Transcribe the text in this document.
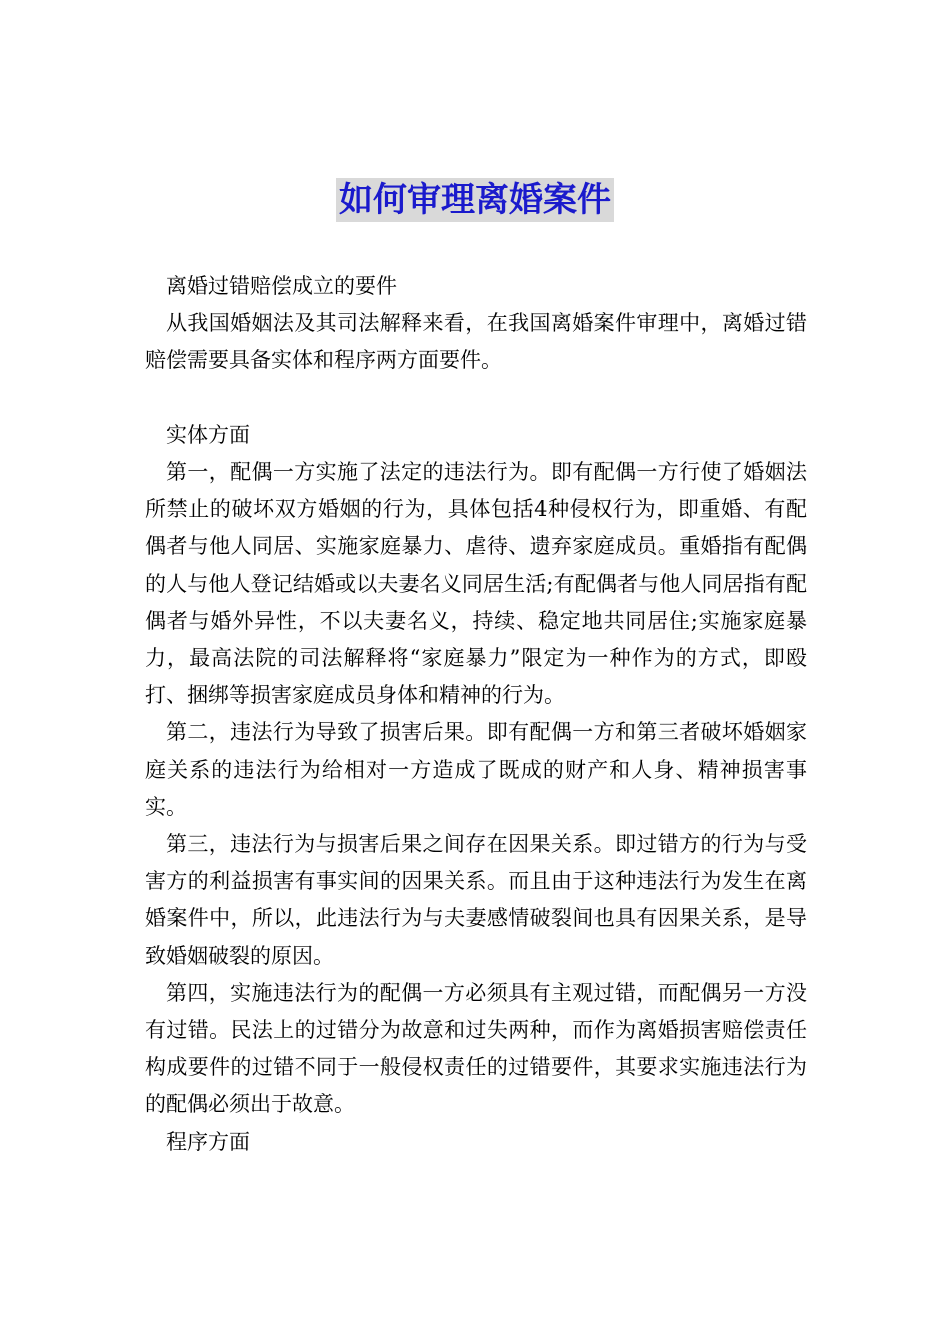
如何审理离婚案件

离婚过错赔偿成立的要件

从我国婚姻法及其司法解释来看，在我国离婚案件审理中，离婚过错赔偿需要具备实体和程序两方面要件。

实体方面

第一，配偶一方实施了法定的违法行为。即有配偶一方行使了婚姻法所禁止的破坏双方婚姻的行为，具体包括4种侵权行为，即重婚、有配偶者与他人同居、实施家庭暴力、虐待、遗弃家庭成员。重婚指有配偶的人与他人登记结婚或以夫妻名义同居生活;有配偶者与他人同居指有配偶者与婚外异性，不以夫妻名义，持续、稳定地共同居住;实施家庭暴力，最高法院的司法解释将“家庭暴力”限定为一种作为的方式，即殴打、捆绑等损害家庭成员身体和精神的行为。

第二，违法行为导致了损害后果。即有配偶一方和第三者破坏婚姻家庭关系的违法行为给相对一方造成了既成的财产和人身、精神损害事实。

第三，违法行为与损害后果之间存在因果关系。即过错方的行为与受害方的利益损害有事实间的因果关系。而且由于这种违法行为发生在离婚案件中，所以，此违法行为与夫妻感情破裂间也具有因果关系，是导致婚姻破裂的原因。

第四，实施违法行为的配偶一方必须具有主观过错，而配偶另一方没有过错。民法上的过错分为故意和过失两种，而作为离婚损害赔偿责任构成要件的过错不同于一般侵权责任的过错要件，其要求实施违法行为的配偶必须出于故意。

程序方面
